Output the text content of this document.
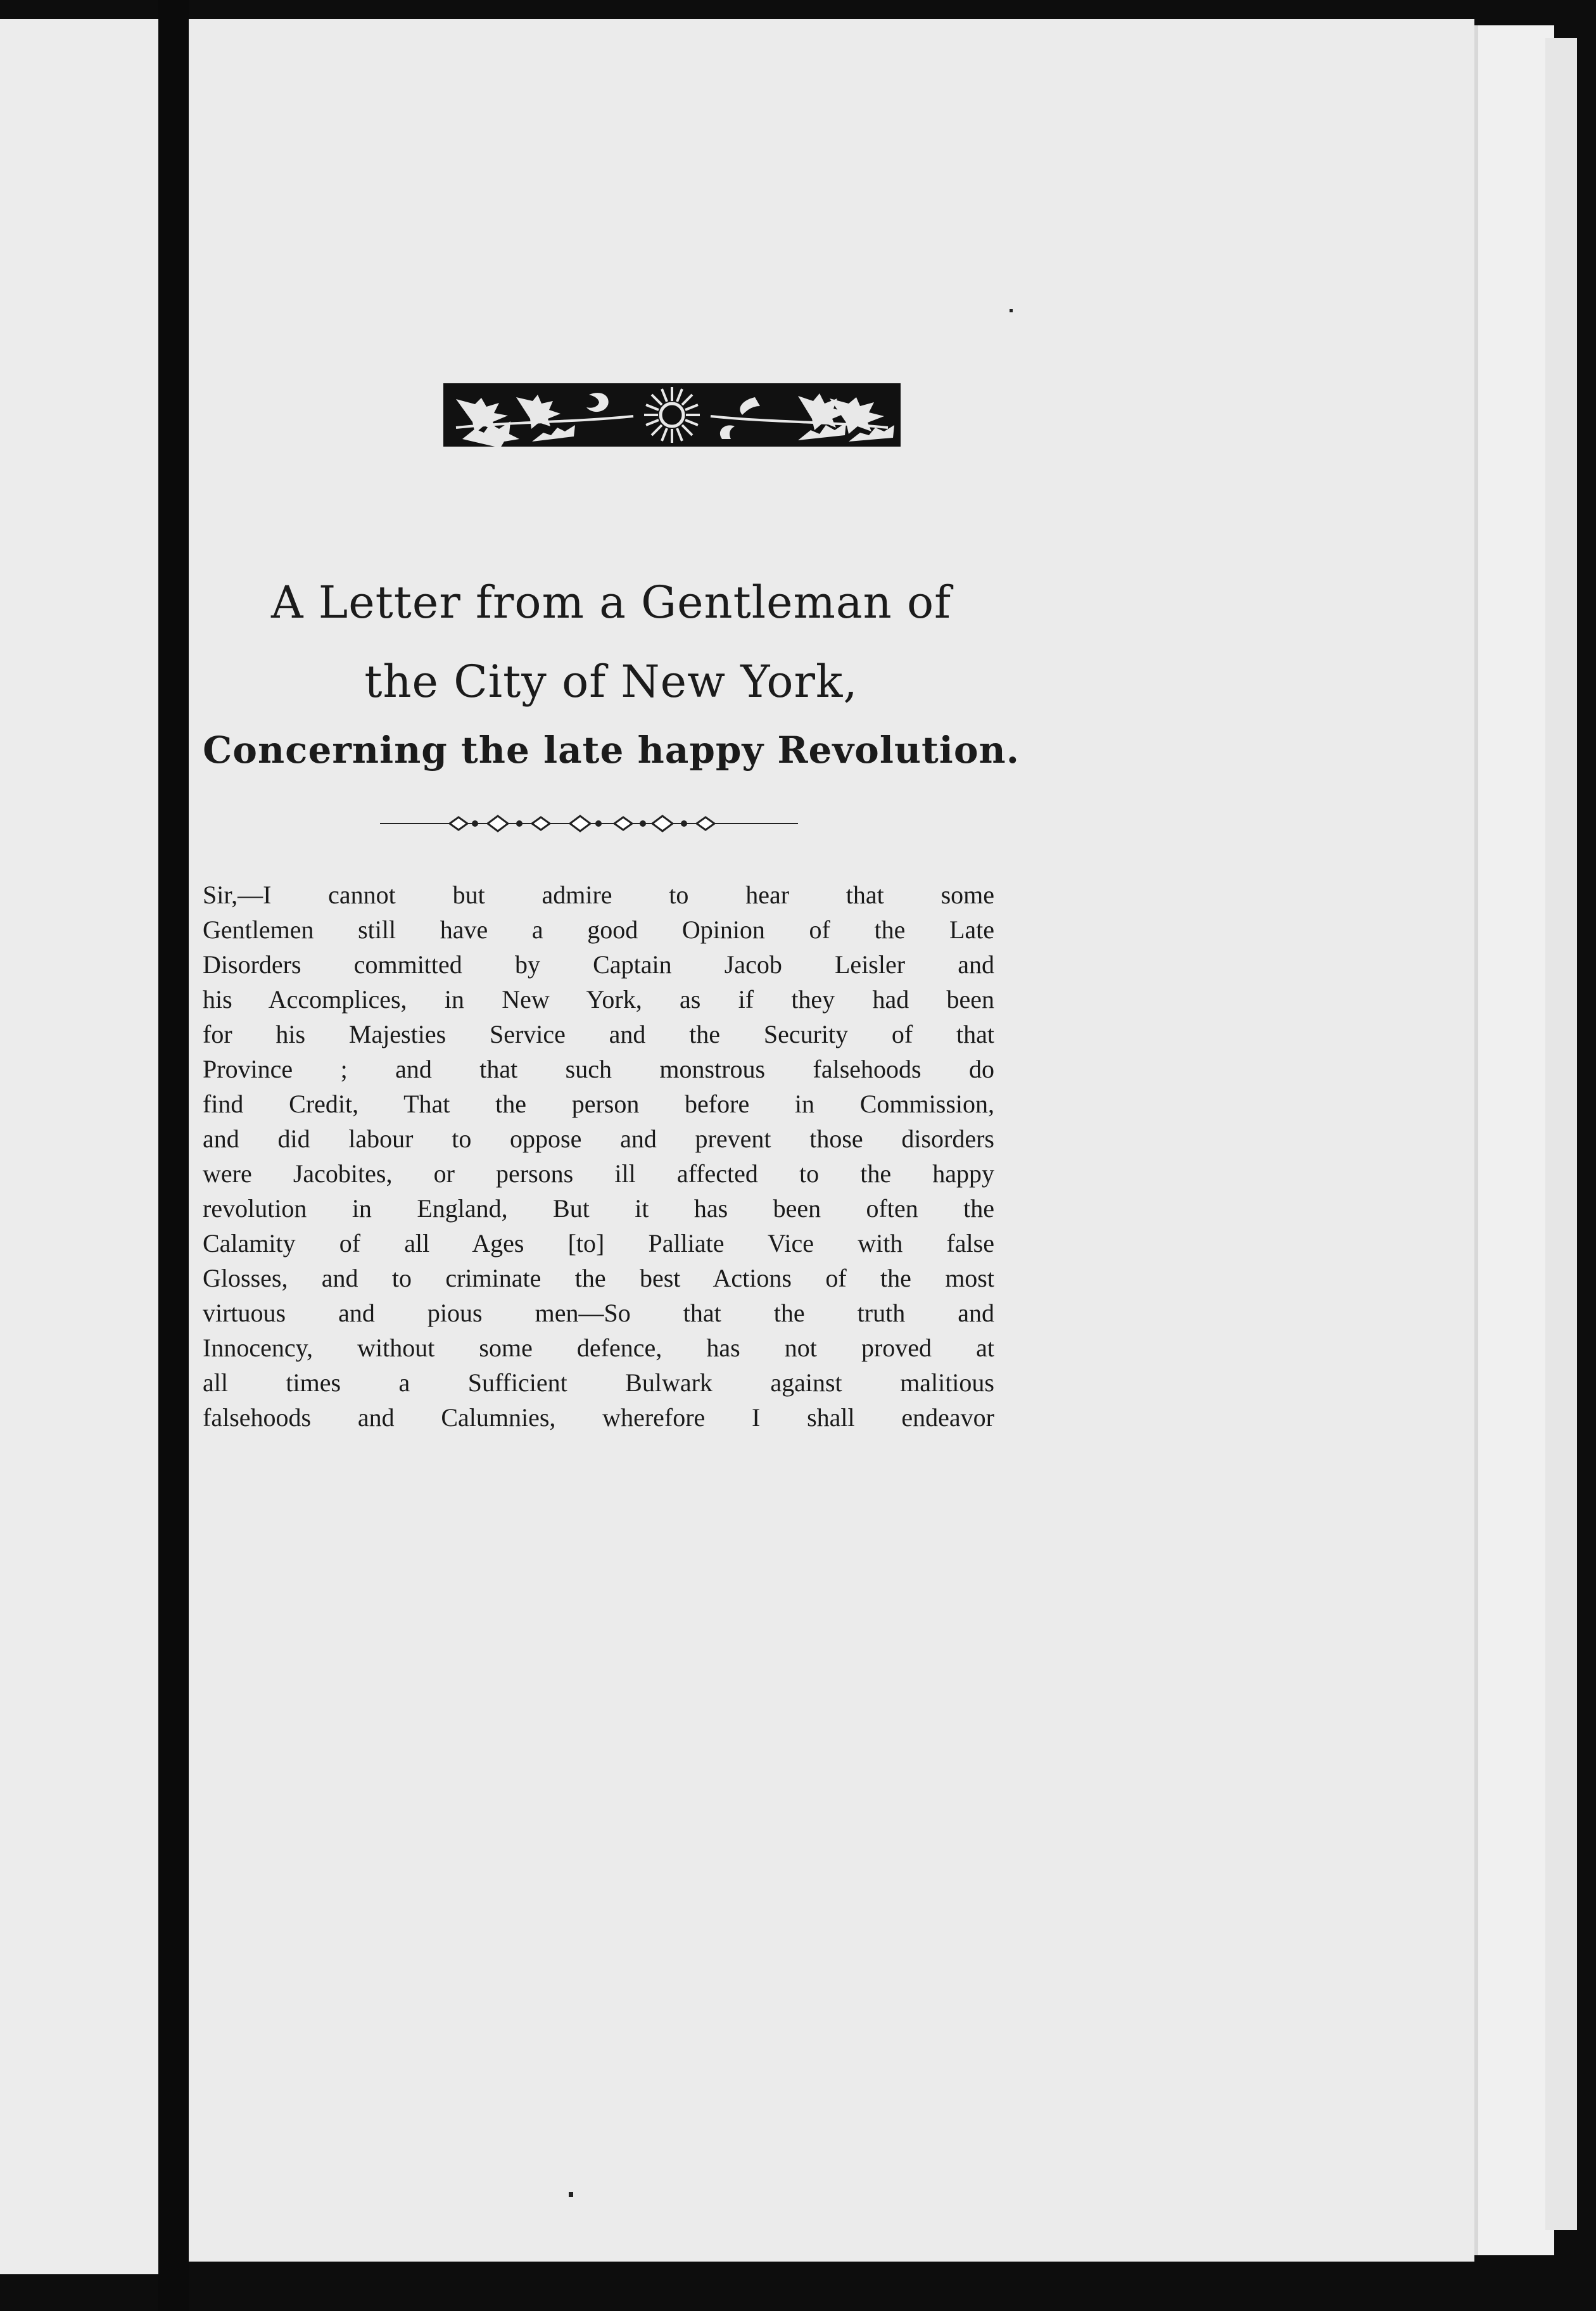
A Letter from a Gentleman of
the City of New York,
Concerning the late happy Revolution.
Sir,—I cannot but admire to hear that some
Gentlemen still have a good Opinion of the Late
Disorders committed by Captain Jacob Leisler and
his Accomplices, in New York, as if they had been
for his Majesties Service and the Security of that
Province ; and that such monstrous falsehoods do
find Credit, That the person before in Commission,
and did labour to oppose and prevent those disorders
were Jacobites, or persons ill affected to the happy
revolution in England, But it has been often the
Calamity of all Ages [to] Palliate Vice with false
Glosses, and to criminate the best Actions of the most
virtuous and pious men—So that the truth and
Innocency, without some defence, has not proved at
all times a Sufficient Bulwark against malitious
falsehoods and Calumnies, wherefore I shall endeavor
